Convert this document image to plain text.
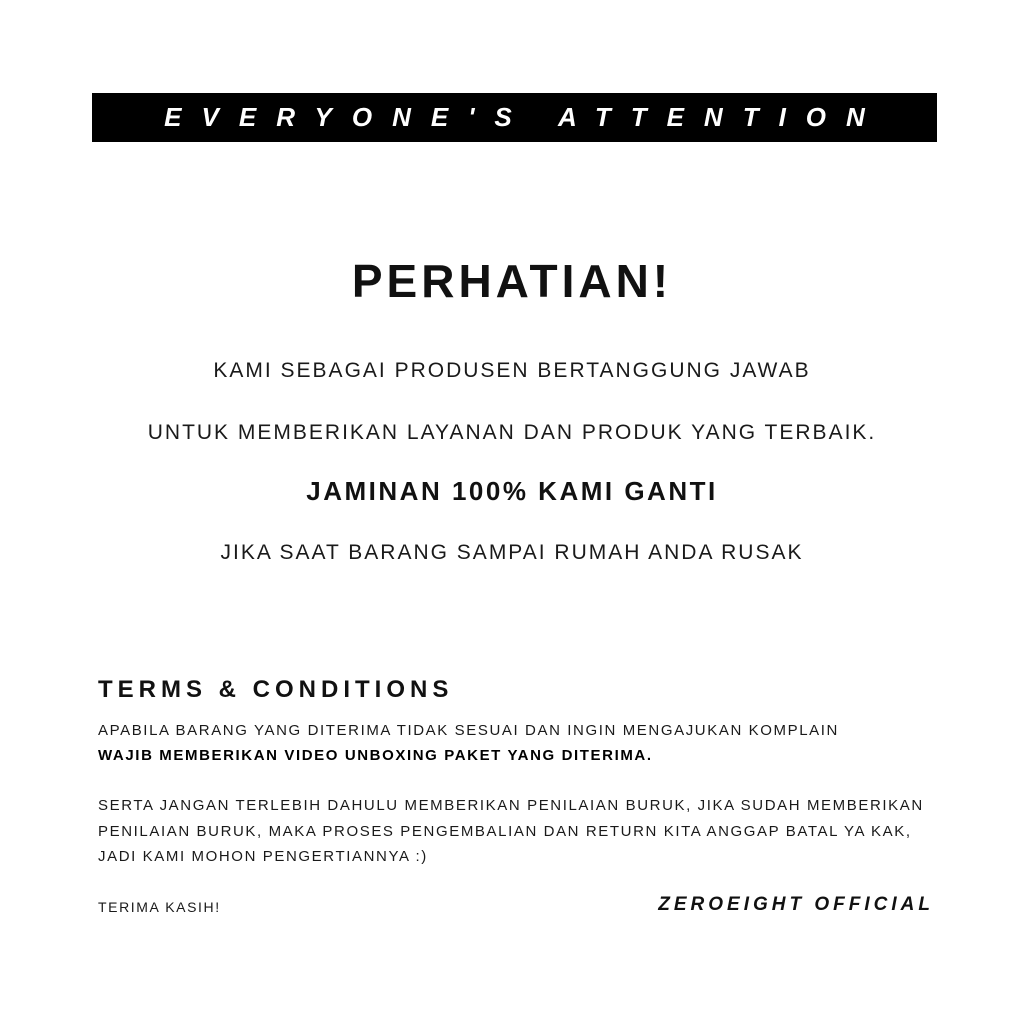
EVERYONE'S ATTENTION
PERHATIAN!
KAMI SEBAGAI PRODUSEN BERTANGGUNG JAWAB
UNTUK MEMBERIKAN LAYANAN DAN PRODUK YANG TERBAIK.
JAMINAN 100% KAMI GANTI
JIKA SAAT BARANG SAMPAI RUMAH ANDA RUSAK
TERMS & CONDITIONS
APABILA BARANG YANG DITERIMA TIDAK SESUAI DAN INGIN MENGAJUKAN KOMPLAIN
WAJIB MEMBERIKAN VIDEO UNBOXING PAKET YANG DITERIMA.
SERTA JANGAN TERLEBIH DAHULU MEMBERIKAN PENILAIAN BURUK, JIKA SUDAH MEMBERIKAN
PENILAIAN BURUK, MAKA PROSES PENGEMBALIAN DAN RETURN KITA ANGGAP BATAL YA KAK,
JADI KAMI MOHON PENGERTIANNYA :)
TERIMA KASIH!	ZEROEIGHT OFFICIAL
